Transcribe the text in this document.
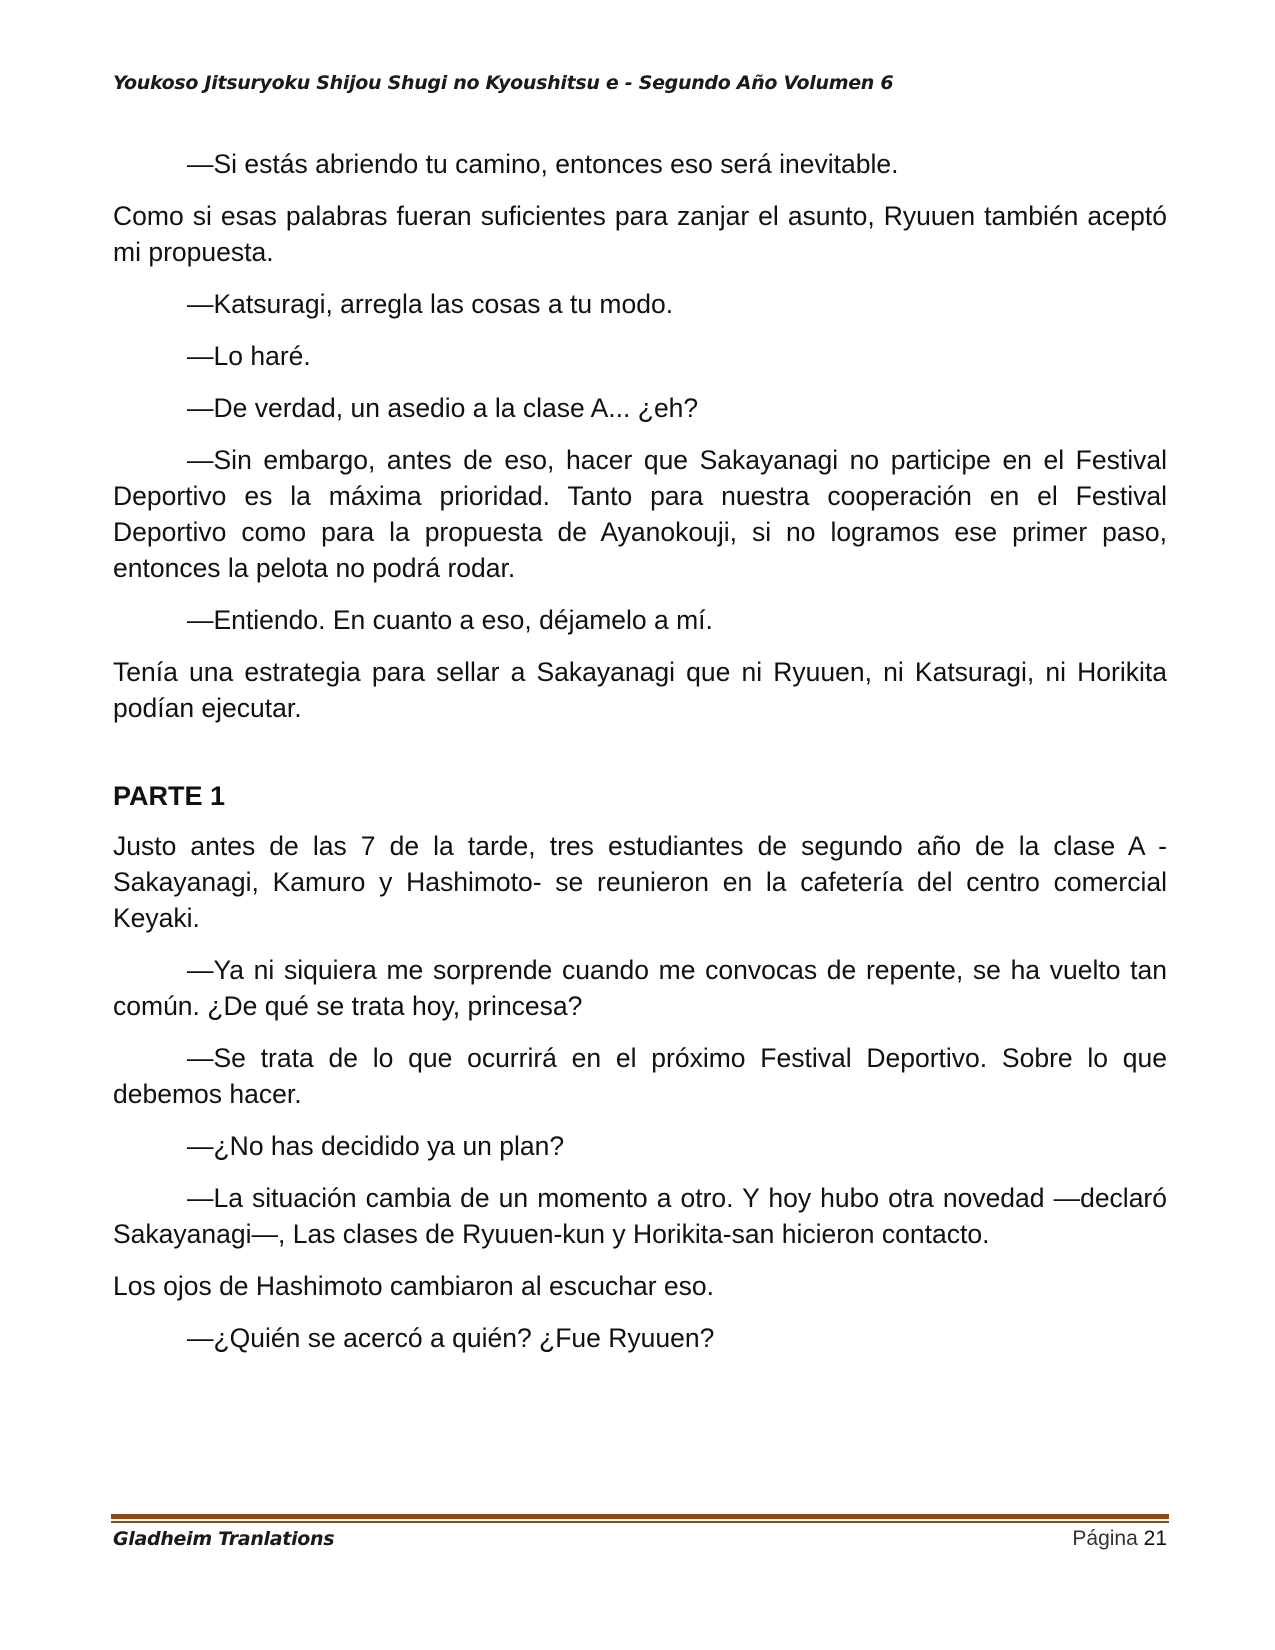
Youkoso Jitsuryoku Shijou Shugi no Kyoushitsu e - Segundo Año Volumen 6

—Si estás abriendo tu camino, entonces eso será inevitable.

Como si esas palabras fueran suficientes para zanjar el asunto, Ryuuen también aceptó mi propuesta.

—Katsuragi, arregla las cosas a tu modo.

—Lo haré.

—De verdad, un asedio a la clase A... ¿eh?

—Sin embargo, antes de eso, hacer que Sakayanagi no participe en el Festival Deportivo es la máxima prioridad. Tanto para nuestra cooperación en el Festival Deportivo como para la propuesta de Ayanokouji, si no logramos ese primer paso, entonces la pelota no podrá rodar.

—Entiendo. En cuanto a eso, déjamelo a mí.

Tenía una estrategia para sellar a Sakayanagi que ni Ryuuen, ni Katsuragi, ni Horikita podían ejecutar.

PARTE 1

Justo antes de las 7 de la tarde, tres estudiantes de segundo año de la clase A -Sakayanagi, Kamuro y Hashimoto- se reunieron en la cafetería del centro comercial Keyaki.

—Ya ni siquiera me sorprende cuando me convocas de repente, se ha vuelto tan común. ¿De qué se trata hoy, princesa?

—Se trata de lo que ocurrirá en el próximo Festival Deportivo. Sobre lo que debemos hacer.

—¿No has decidido ya un plan?

—La situación cambia de un momento a otro. Y hoy hubo otra novedad —declaró Sakayanagi—, Las clases de Ryuuen-kun y Horikita-san hicieron contacto.

Los ojos de Hashimoto cambiaron al escuchar eso.

—¿Quién se acercó a quién? ¿Fue Ryuuen?

Gladheim Tranlations	Página 21
